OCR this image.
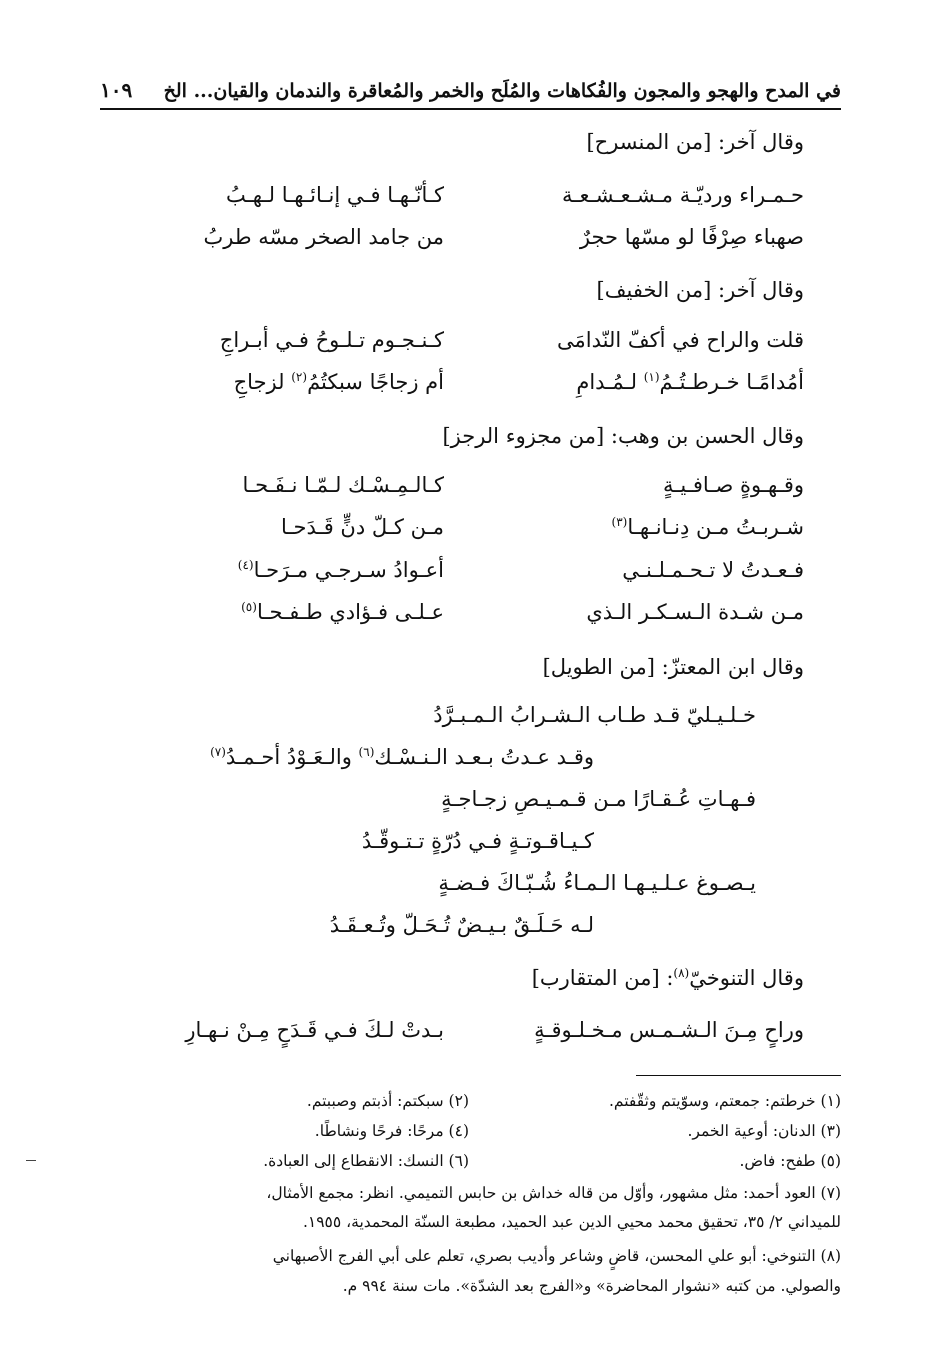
في المدح والهجو والمجون والفُكاهات والمُلَح والخمر والمُعاقرة والندمان والقيان... الخ
١٠٩
وقال آخر: [من المنسرح]
حـمـراء ورديّـة مـشـعـشـعـة
كـأنّـهـا فـي إنـائـهـا لـهـبُ
صهباء صِرْفًا لو مسّها حجرٌ
من جامد الصخر مسّه طربُ
وقال آخر: [من الخفيف]
قلت والراح في أكفّ النّدامَى
كـنـجـوم تـلـوحُ فـي أبـراجِ
أمُدامًـا خـرطـتُـمُ$^{(١)}$ لـمُـدامِ
أم زجاجًا سبكتُمُ$^{(٢)}$ لزجاجِ
وقال الحسن بن وهب: [من مجزوء الرجز]
وقـهـوةٍ صـافـيـةٍ
كـالـمِـسْـك لـمّـا نـفَـحـا
شـربـتُ مـن دِنـانـهـا$^{(٣)}$
مـن كـلّ دنٍّ قَـدَحـا
فـعـدتُ لا تـحـمـلـنـي
أعـوادُ سـرجـي مـرَحـا$^{(٤)}$
مـن شـدة الـسـكـر الـذي
عـلـى فـؤادي طـفـحـا$^{(٥)}$
وقال ابن المعتزّ: [من الطويل]
خـلـيـليّ قـد طـاب الـشـرابُ الـمـبـرَّدُ
وقـد عـدتُ بـعـد الـنـسْـك$^{(٦)}$ والـعَـوْدُ أحـمـدُ$^{(٧)}$
فـهـاتِ عُـقـارًا مـن قـمـيـصِ زجـاجـةٍ
كـيـاقـوتـةٍ فـي دُرّةٍ تـتـوقّـدُ
يـصـوغ عـلـيـهـا الـمـاءُ شُـبّـاكَ فـضـةٍ
لـه حَـلَـقٌ بـيـضٌ تُـحَـلّ وتُـعـقَـدُ
وقال التنوخيّ$^{(٨)}$: [من المتقارب]
وراحٍ مِـنَ الـشـمـس مـخـلـوقـةٍ
بـدتْ لـكَ فـي قَـدَحٍ مِـنْ نـهـارِ
(١) خرطتم: جمعتم، وسوّيتم وثقّفتم.
(٢) سبكتم: أذبتم وصببتم.
(٣) الدنان: أوعية الخمر.
(٤) مرحًا: فرحًا ونشاطًا.
(٥) طفح: فاض.
(٦) النسك: الانقطاع إلى العبادة.
(٧) العود أحمد: مثل مشهور، وأوّل من قاله خداش بن حابس التميمي. انظر: مجمع الأمثال،
للميداني ٢/ ٣٥، تحقيق محمد محيي الدين عبد الحميد، مطبعة السنّة المحمدية، ١٩٥٥.
(٨) التنوخي: أبو علي المحسن، قاضٍ وشاعر وأديب بصري، تعلم على أبي الفرج الأصبهاني
والصولي. من كتبه «نشوار المحاضرة» و«الفرج بعد الشدّة». مات سنة ٩٩٤ م.
